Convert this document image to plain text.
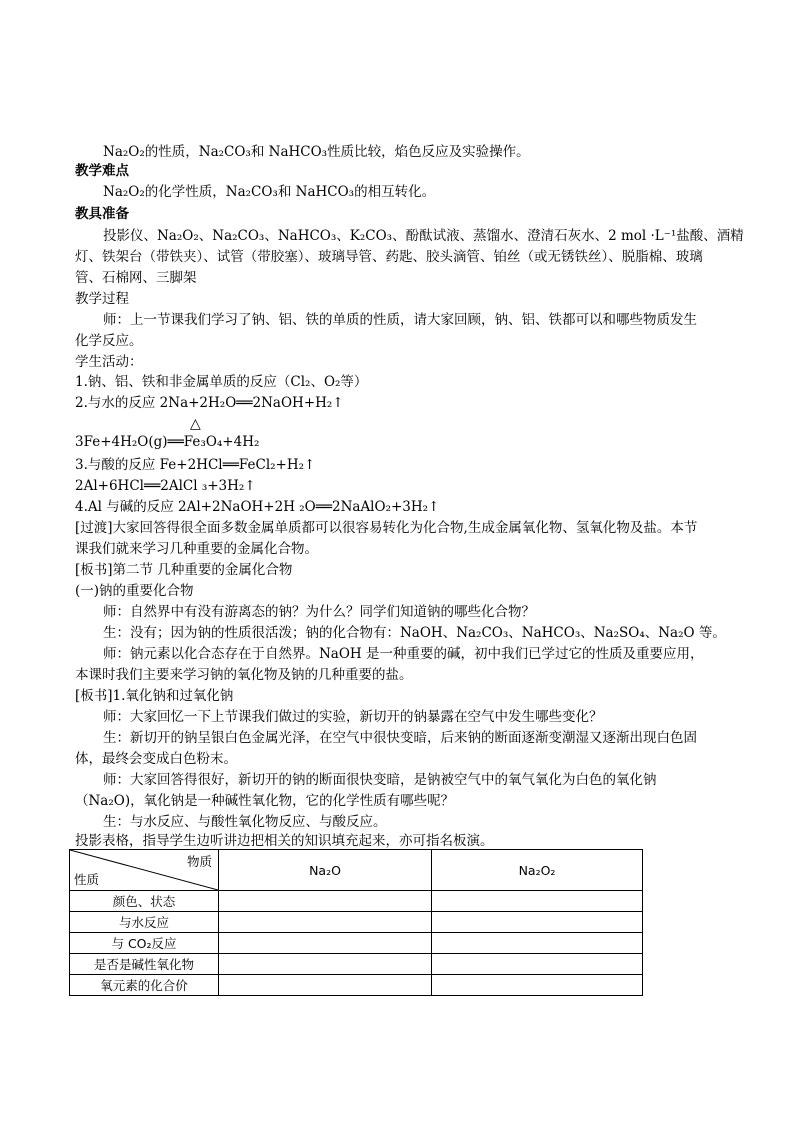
Na₂O₂的性质，Na₂CO₃和 NaHCO₃性质比较，焰色反应及实验操作。
教学难点
Na₂O₂的化学性质，Na₂CO₃和 NaHCO₃的相互转化。
教具准备
投影仪、Na₂O₂、Na₂CO₃、NaHCO₃、K₂CO₃、酚酞试液、蒸馏水、澄清石灰水、2 mol ·L⁻¹盐酸、酒精
灯、铁架台（带铁夹）、试管（带胶塞）、玻璃导管、药匙、胶头滴管、铂丝（或无锈铁丝）、脱脂棉、玻璃
管、石棉网、三脚架
教学过程
师：上一节课我们学习了钠、铝、铁的单质的性质，请大家回顾，钠、铝、铁都可以和哪些物质发生
化学反应。
学生活动：
1.钠、铝、铁和非金属单质的反应（Cl₂、O₂等）
2.与水的反应 2Na+2H₂O══2NaOH+H₂↑
△
3Fe+4H₂O(g)══Fe₃O₄+4H₂
3.与酸的反应 Fe+2HCl══FeCl₂+H₂↑
2Al+6HCl══2AlCl ₃+3H₂↑
4.Al 与碱的反应 2Al+2NaOH+2H ₂O══2NaAlO₂+3H₂↑
[过渡]大家回答得很全面多数金属单质都可以很容易转化为化合物,生成金属氧化物、氢氧化物及盐。本节
课我们就来学习几种重要的金属化合物。
[板书]第二节 几种重要的金属化合物
(一)钠的重要化合物
师：自然界中有没有游离态的钠？为什么？同学们知道钠的哪些化合物？
生：没有；因为钠的性质很活泼；钠的化合物有：NaOH、Na₂CO₃、NaHCO₃、Na₂SO₄、Na₂O 等。
师：钠元素以化合态存在于自然界。NaOH 是一种重要的碱，初中我们已学过它的性质及重要应用，
本课时我们主要来学习钠的氧化物及钠的几种重要的盐。
[板书]1.氧化钠和过氧化钠
师：大家回忆一下上节课我们做过的实验，新切开的钠暴露在空气中发生哪些变化？
生：新切开的钠呈银白色金属光泽，在空气中很快变暗，后来钠的断面逐渐变潮湿又逐渐出现白色固
体，最终会变成白色粉末。
师：大家回答得很好，新切开的钠的断面很快变暗，是钠被空气中的氧气氧化为白色的氧化钠
（Na₂O)，氧化钠是一种碱性氧化物，它的化学性质有哪些呢？
生：与水反应、与酸性氧化物反应、与酸反应。
投影表格，指导学生边听讲边把相关的知识填充起来，亦可指名板演。
物质
性质	Na₂O	Na₂O₂
颜色、状态		
与水反应		
与 CO₂反应		
是否是碱性氧化物		
氧元素的化合价		
